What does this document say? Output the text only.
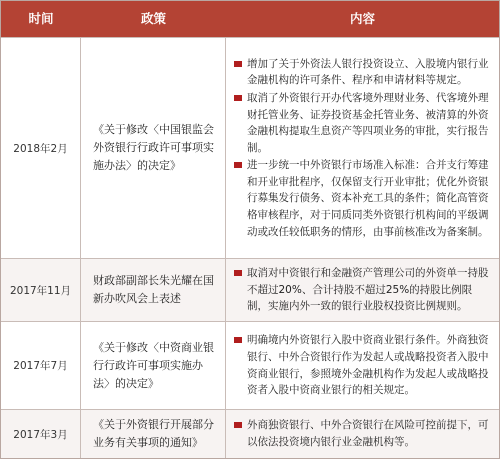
时间	政策	内容
2018年2月
《关于修改〈中国银监会外资银行行政许可事项实施办法〉的决定》
增加了关于外资法人银行投资设立、入股境内银行业金融机构的许可条件、程序和申请材料等规定。
取消了外资银行开办代客境外理财业务、代客境外理财托管业务、证券投资基金托管业务、被清算的外资金融机构提取生息资产等四项业务的审批，实行报告制。
进一步统一中外资银行市场准入标准：合并支行筹建和开业审批程序，仅保留支行开业审批；优化外资银行募集发行债务、资本补充工具的条件；简化高管资格审核程序，对于同质同类外资银行机构间的平级调动或改任较低职务的情形，由事前核准改为备案制。
2017年11月
财政部副部长朱光耀在国新办吹风会上表述
取消对中资银行和金融资产管理公司的外资单一持股不超过20%、合计持股不超过25%的持股比例限制，实施内外一致的银行业股权投资比例规则。
2017年7月
《关于修改〈中资商业银行行政许可事项实施办法〉的决定》
明确境内外资银行入股中资商业银行条件。外商独资银行、中外合资银行作为发起人或战略投资者入股中资商业银行，参照境外金融机构作为发起人或战略投资者入股中资商业银行的相关规定。
2017年3月
《关于外资银行开展部分业务有关事项的通知》
外商独资银行、中外合资银行在风险可控前提下，可以依法投资境内银行业金融机构等。
